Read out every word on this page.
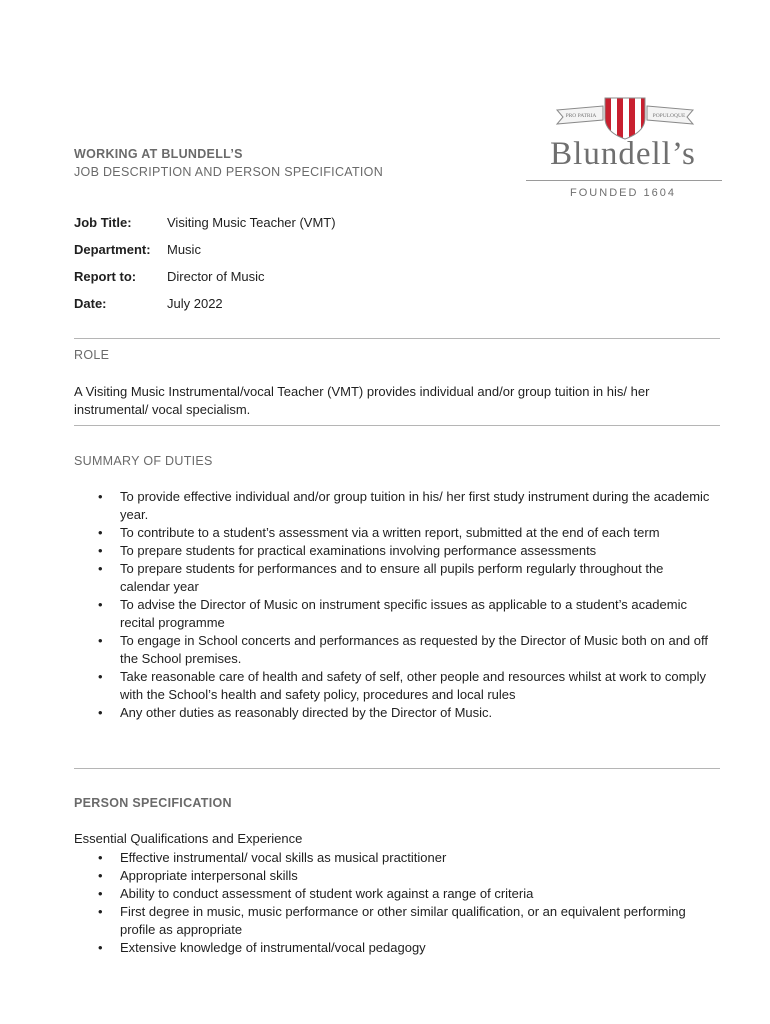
PRO PATRIA	POPULOQUE
Blundell’s
FOUNDED 1604
WORKING AT BLUNDELL’S
JOB DESCRIPTION AND PERSON SPECIFICATION
Job Title:	Visiting Music Teacher (VMT)
Department:	Music
Report to:	Director of Music
Date:	July 2022
ROLE
A Visiting Music Instrumental/vocal Teacher (VMT) provides individual and/or group tuition in his/ her instrumental/ vocal specialism.
SUMMARY OF DUTIES
• To provide effective individual and/or group tuition in his/ her first study instrument during the academic year.
• To contribute to a student’s assessment via a written report, submitted at the end of each term
• To prepare students for practical examinations involving performance assessments
• To prepare students for performances and to ensure all pupils perform regularly throughout the calendar year
• To advise the Director of Music on instrument specific issues as applicable to a student’s academic recital programme
• To engage in School concerts and performances as requested by the Director of Music both on and off the School premises.
• Take reasonable care of health and safety of self, other people and resources whilst at work to comply with the School’s health and safety policy, procedures and local rules
• Any other duties as reasonably directed by the Director of Music.
PERSON SPECIFICATION
Essential Qualifications and Experience
• Effective instrumental/ vocal skills as musical practitioner
• Appropriate interpersonal skills
• Ability to conduct assessment of student work against a range of criteria
• First degree in music, music performance or other similar qualification, or an equivalent performing profile as appropriate
• Extensive knowledge of instrumental/vocal pedagogy
